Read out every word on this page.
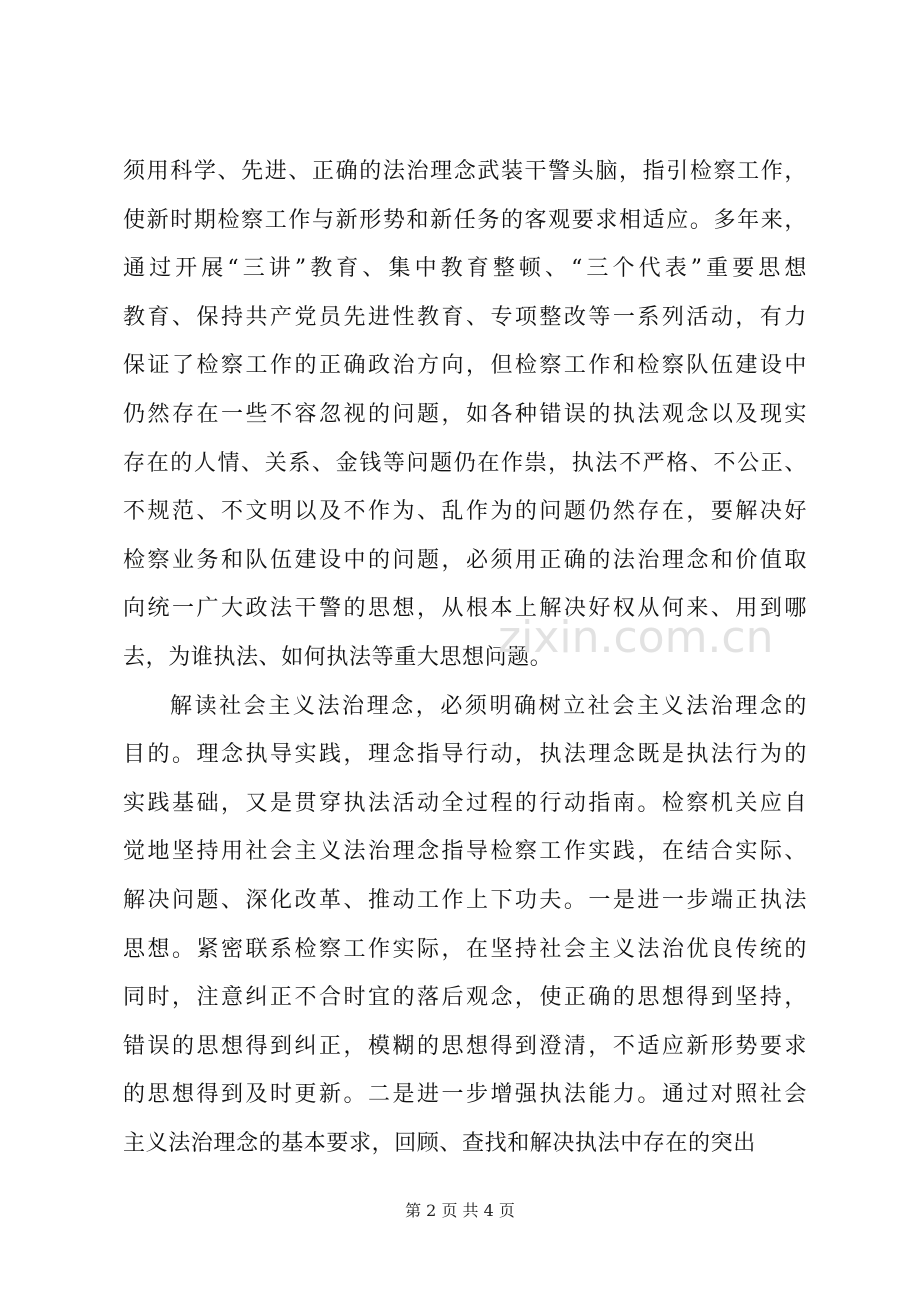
须用科学、先进、正确的法治理念武装干警头脑，指引检察工作，
使新时期检察工作与新形势和新任务的客观要求相适应。多年来，
通过开展“三讲”教育、集中教育整顿、“三个代表”重要思想
教育、保持共产党员先进性教育、专项整改等一系列活动，有力
保证了检察工作的正确政治方向，但检察工作和检察队伍建设中
仍然存在一些不容忽视的问题，如各种错误的执法观念以及现实
存在的人情、关系、金钱等问题仍在作祟，执法不严格、不公正、
不规范、不文明以及不作为、乱作为的问题仍然存在，要解决好
检察业务和队伍建设中的问题，必须用正确的法治理念和价值取
向统一广大政法干警的思想，从根本上解决好权从何来、用到哪
去，为谁执法、如何执法等重大思想问题。
解读社会主义法治理念，必须明确树立社会主义法治理念的
目的。理念执导实践，理念指导行动，执法理念既是执法行为的
实践基础，又是贯穿执法活动全过程的行动指南。检察机关应自
觉地坚持用社会主义法治理念指导检察工作实践，在结合实际、
解决问题、深化改革、推动工作上下功夫。一是进一步端正执法
思想。紧密联系检察工作实际，在坚持社会主义法治优良传统的
同时，注意纠正不合时宜的落后观念，使正确的思想得到坚持，
错误的思想得到纠正，模糊的思想得到澄清，不适应新形势要求
的思想得到及时更新。二是进一步增强执法能力。通过对照社会
主义法治理念的基本要求，回顾、查找和解决执法中存在的突出
zixin.com.cn
第 2 页 共 4 页
